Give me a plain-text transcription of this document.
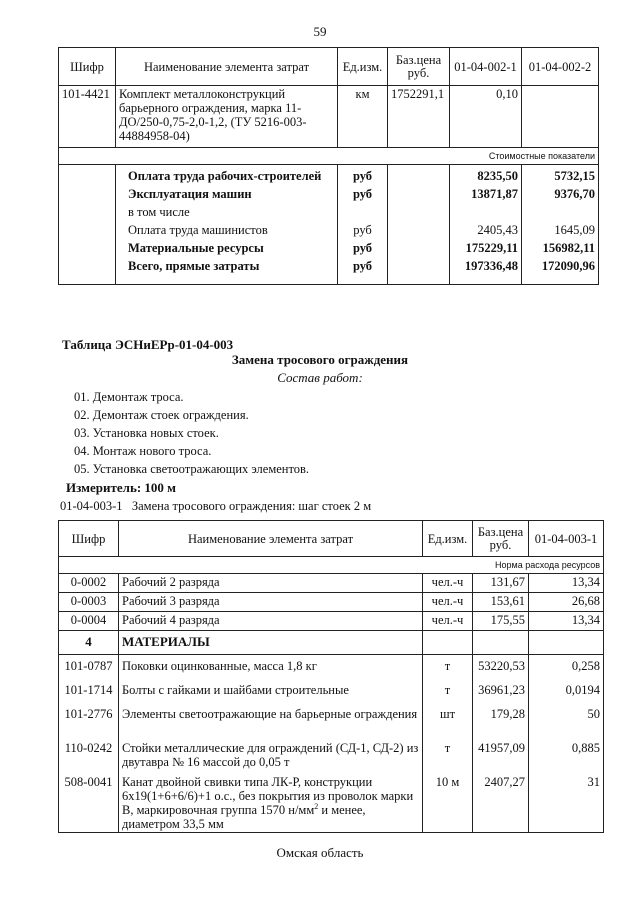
59
Шифр	Наименование элемента затрат	Ед.изм.	Баз.цена руб.	01-04-002-1	01-04-002-2
101-4421	Комплект металлоконструкций барьерного ограждения, марка 11-ДО/250-0,75-2,0-1,2, (ТУ 5216-003-44884958-04)	км	1752291,1	0,10	
Стоимостные показатели					
	Оплата труда рабочих-строителей	руб		8235,50	5732,15
	Эксплуатация машин	руб		13871,87	9376,70
	в том числе				
	Оплата труда машинистов	руб		2405,43	1645,09
	Материальные ресурсы	руб		175229,11	156982,11
	Всего, прямые затраты	руб		197336,48	172090,96
Таблица ЭСНиЕРр-01-04-003
Замена тросового ограждения
Состав работ:
01. Демонтаж троса.
02. Демонтаж стоек ограждения.
03. Установка новых стоек.
04. Монтаж нового троса.
05. Установка светоотражающих элементов.
Измеритель: 100 м
01-04-003-1   Замена тросового ограждения: шаг стоек 2 м
Шифр	Наименование элемента затрат	Ед.изм.	Баз.цена руб.	01-04-003-1
Норма расхода ресурсов				
0-0002	Рабочий 2 разряда	чел.-ч	131,67	13,34
0-0003	Рабочий 3 разряда	чел.-ч	153,61	26,68
0-0004	Рабочий 4 разряда	чел.-ч	175,55	13,34
4	МАТЕРИАЛЫ			
101-0787	Поковки оцинкованные, масса 1,8 кг	т	53220,53	0,258
101-1714	Болты с гайками и шайбами строительные	т	36961,23	0,0194
101-2776	Элементы светоотражающие на барьерные ограждения	шт	179,28	50
110-0242	Стойки металлические для ограждений (СД-1, СД-2) из двутавра № 16 массой до 0,05 т	т	41957,09	0,885
508-0041	Канат двойной свивки типа ЛК-Р, конструкции 6х19(1+6+6/6)+1 о.с., без покрытия из проволок марки В, маркировочная группа 1570 $н/мм^2$ и менее, диаметром 33,5 мм	10 м	2407,27	31
Омская область
